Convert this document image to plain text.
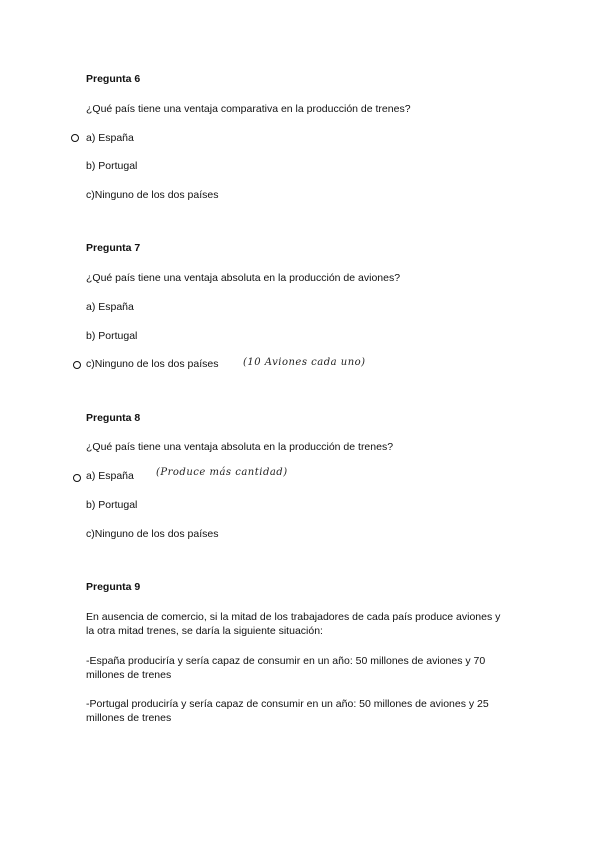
Pregunta 6
¿Qué país tiene una ventaja comparativa en la producción de trenes?
a) España
b) Portugal
c)Ninguno de los dos países
Pregunta 7
¿Qué país tiene una ventaja absoluta en la producción de aviones?
a) España
b) Portugal
c)Ninguno de los dos países (10 Aviones cada uno)
Pregunta 8
¿Qué país tiene una ventaja absoluta en la producción de trenes?
a) España (Produce más cantidad)
b) Portugal
c)Ninguno de los dos países
Pregunta 9
En ausencia de comercio, si la mitad de los trabajadores de cada país produce aviones y
la otra mitad trenes, se daría la siguiente situación:
-España produciría y sería capaz de consumir en un año: 50 millones de aviones y 70
millones de trenes
-Portugal produciría y sería capaz de consumir en un año: 50 millones de aviones y 25
millones de trenes
